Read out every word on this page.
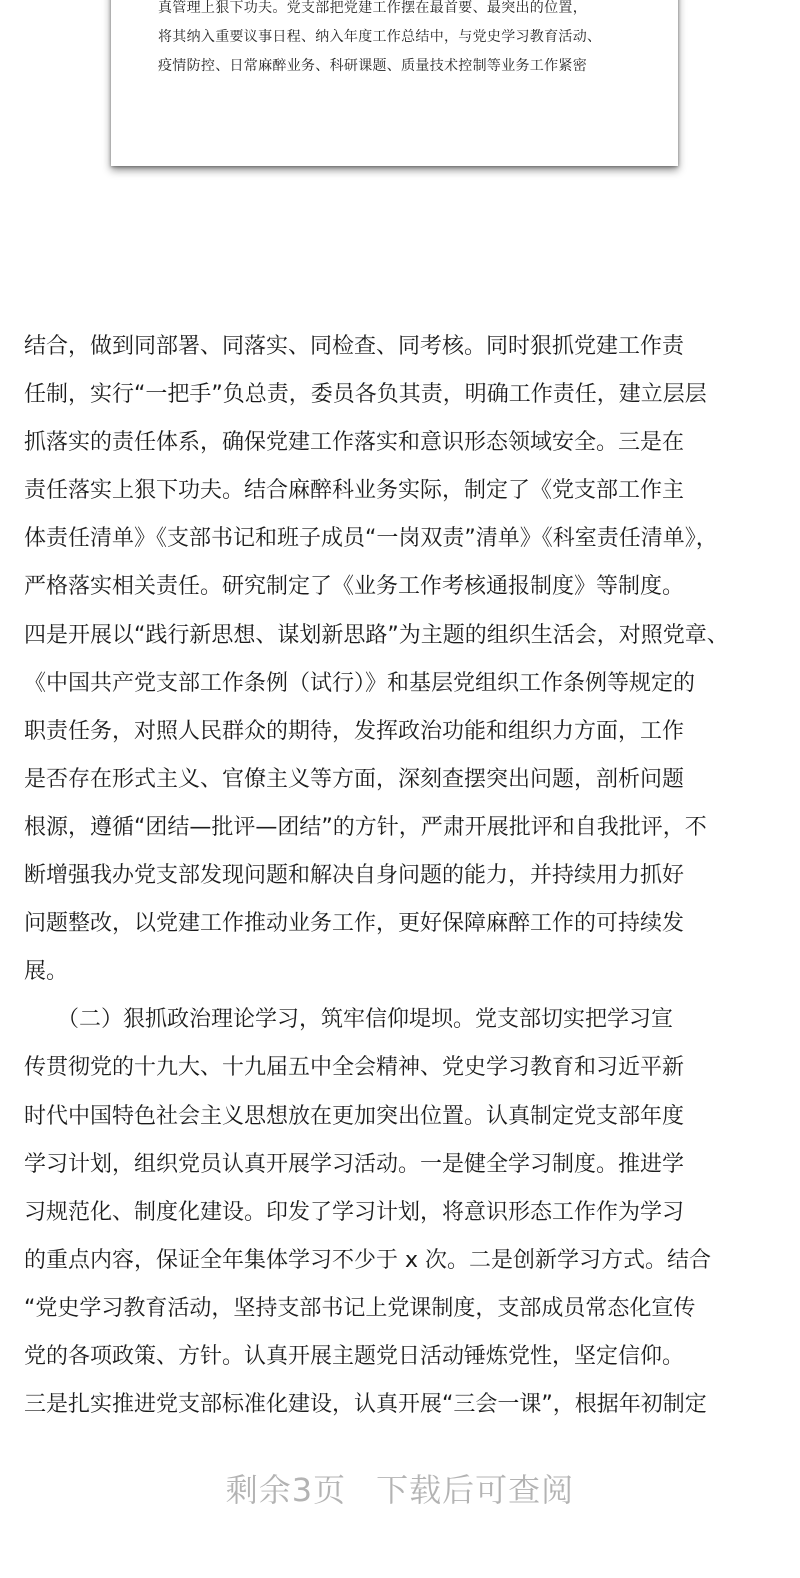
真管理上狠下功夫。党支部把党建工作摆在最首要、最突出的位置，
将其纳入重要议事日程、纳入年度工作总结中，与党史学习教育活动、
疫情防控、日常麻醉业务、科研课题、质量技术控制等业务工作紧密
结合，做到同部署、同落实、同检查、同考核。同时狠抓党建工作责
任制，实行“一把手”负总责，委员各负其责，明确工作责任，建立层层
抓落实的责任体系，确保党建工作落实和意识形态领域安全。三是在
责任落实上狠下功夫。结合麻醉科业务实际，制定了《党支部工作主
体责任清单》《支部书记和班子成员“一岗双责”清单》《科室责任清单》，
严格落实相关责任。研究制定了《业务工作考核通报制度》等制度。
四是开展以“践行新思想、谋划新思路”为主题的组织生活会，对照党章、
《中国共产党支部工作条例（试行）》和基层党组织工作条例等规定的
职责任务，对照人民群众的期待，发挥政治功能和组织力方面，工作
是否存在形式主义、官僚主义等方面，深刻查摆突出问题，剖析问题
根源，遵循“团结—批评—团结”的方针，严肃开展批评和自我批评，不
断增强我办党支部发现问题和解决自身问题的能力，并持续用力抓好
问题整改，以党建工作推动业务工作，更好保障麻醉工作的可持续发
展。
　　（二）狠抓政治理论学习，筑牢信仰堤坝。党支部切实把学习宣
传贯彻党的十九大、十九届五中全会精神、党史学习教育和习近平新
时代中国特色社会主义思想放在更加突出位置。认真制定党支部年度
学习计划，组织党员认真开展学习活动。一是健全学习制度。推进学
习规范化、制度化建设。印发了学习计划，将意识形态工作作为学习
的重点内容，保证全年集体学习不少于 x 次。二是创新学习方式。结合
“党史学习教育活动，坚持支部书记上党课制度，支部成员常态化宣传
党的各项政策、方针。认真开展主题党日活动锤炼党性，坚定信仰。
三是扎实推进党支部标准化建设，认真开展“三会一课”，根据年初制定
剩余3页 下载后可查阅
